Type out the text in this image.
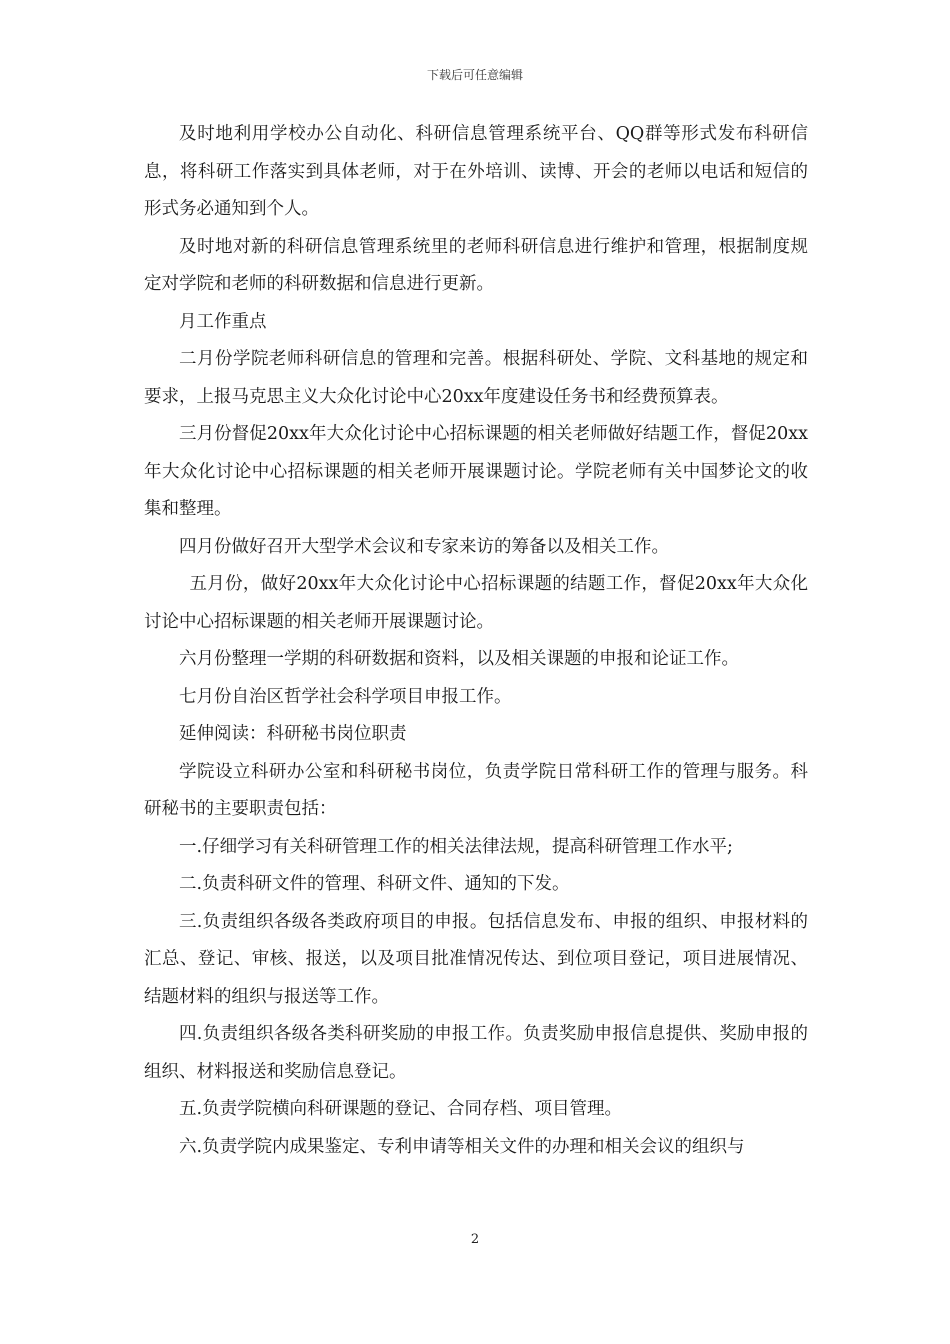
下载后可任意编辑

及时地利用学校办公自动化、科研信息管理系统平台、QQ群等形式发布科研信息，将科研工作落实到具体老师，对于在外培训、读博、开会的老师以电话和短信的形式务必通知到个人。

及时地对新的科研信息管理系统里的老师科研信息进行维护和管理，根据制度规定对学院和老师的科研数据和信息进行更新。

月工作重点

二月份学院老师科研信息的管理和完善。根据科研处、学院、文科基地的规定和要求，上报马克思主义大众化讨论中心20xx年度建设任务书和经费预算表。

三月份督促20xx年大众化讨论中心招标课题的相关老师做好结题工作，督促20xx年大众化讨论中心招标课题的相关老师开展课题讨论。学院老师有关中国梦论文的收集和整理。

四月份做好召开大型学术会议和专家来访的筹备以及相关工作。

五月份，做好20xx年大众化讨论中心招标课题的结题工作，督促20xx年大众化讨论中心招标课题的相关老师开展课题讨论。

六月份整理一学期的科研数据和资料，以及相关课题的申报和论证工作。

七月份自治区哲学社会科学项目申报工作。

延伸阅读：科研秘书岗位职责

学院设立科研办公室和科研秘书岗位，负责学院日常科研工作的管理与服务。科研秘书的主要职责包括：

一.仔细学习有关科研管理工作的相关法律法规，提高科研管理工作水平;

二.负责科研文件的管理、科研文件、通知的下发。

三.负责组织各级各类政府项目的申报。包括信息发布、申报的组织、申报材料的汇总、登记、审核、报送，以及项目批准情况传达、到位项目登记，项目进展情况、结题材料的组织与报送等工作。

四.负责组织各级各类科研奖励的申报工作。负责奖励申报信息提供、奖励申报的组织、材料报送和奖励信息登记。

五.负责学院横向科研课题的登记、合同存档、项目管理。

六.负责学院内成果鉴定、专利申请等相关文件的办理和相关会议的组织与

2
